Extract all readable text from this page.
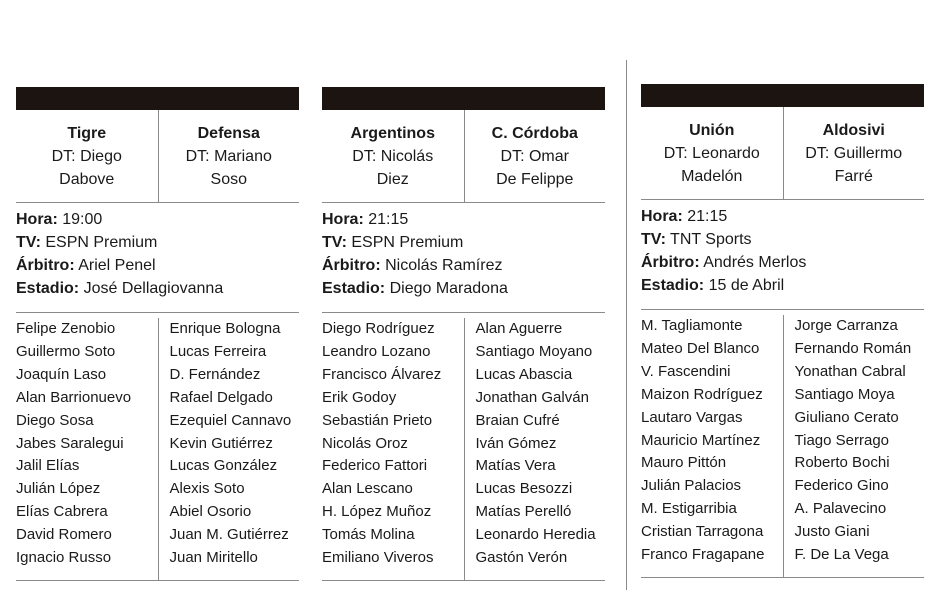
Tigre
DT: Diego
Dabove
Defensa
DT: Mariano
Soso
Hora: 19:00
TV: ESPN Premium
Árbitro: Ariel Penel
Estadio: José Dellagiovanna
Felipe Zenobio
Guillermo Soto
Joaquín Laso
Alan Barrionuevo
Diego Sosa
Jabes Saralegui
Jalil Elías
Julián López
Elías Cabrera
David Romero
Ignacio Russo
Enrique Bologna
Lucas Ferreira
D. Fernández
Rafael Delgado
Ezequiel Cannavo
Kevin Gutiérrez
Lucas González
Alexis Soto
Abiel Osorio
Juan M. Gutiérrez
Juan Miritello
Argentinos
DT: Nicolás
Diez
C. Córdoba
DT: Omar
De Felippe
Hora: 21:15
TV: ESPN Premium
Árbitro: Nicolás Ramírez
Estadio: Diego Maradona
Diego Rodríguez
Leandro Lozano
Francisco Álvarez
Erik Godoy
Sebastián Prieto
Nicolás Oroz
Federico Fattori
Alan Lescano
H. López Muñoz
Tomás Molina
Emiliano Viveros
Alan Aguerre
Santiago Moyano
Lucas Abascia
Jonathan Galván
Braian Cufré
Iván Gómez
Matías Vera
Lucas Besozzi
Matías Perelló
Leonardo Heredia
Gastón Verón
Unión
DT: Leonardo
Madelón
Aldosivi
DT: Guillermo
Farré
Hora: 21:15
TV: TNT Sports
Árbitro: Andrés Merlos
Estadio: 15 de Abril
M. Tagliamonte
Mateo Del Blanco
V. Fascendini
Maizon Rodríguez
Lautaro Vargas
Mauricio Martínez
Mauro Pittón
Julián Palacios
M. Estigarribia
Cristian Tarragona
Franco Fragapane
Jorge Carranza
Fernando Román
Yonathan Cabral
Santiago Moya
Giuliano Cerato
Tiago Serrago
Roberto Bochi
Federico Gino
A. Palavecino
Justo Giani
F. De La Vega
